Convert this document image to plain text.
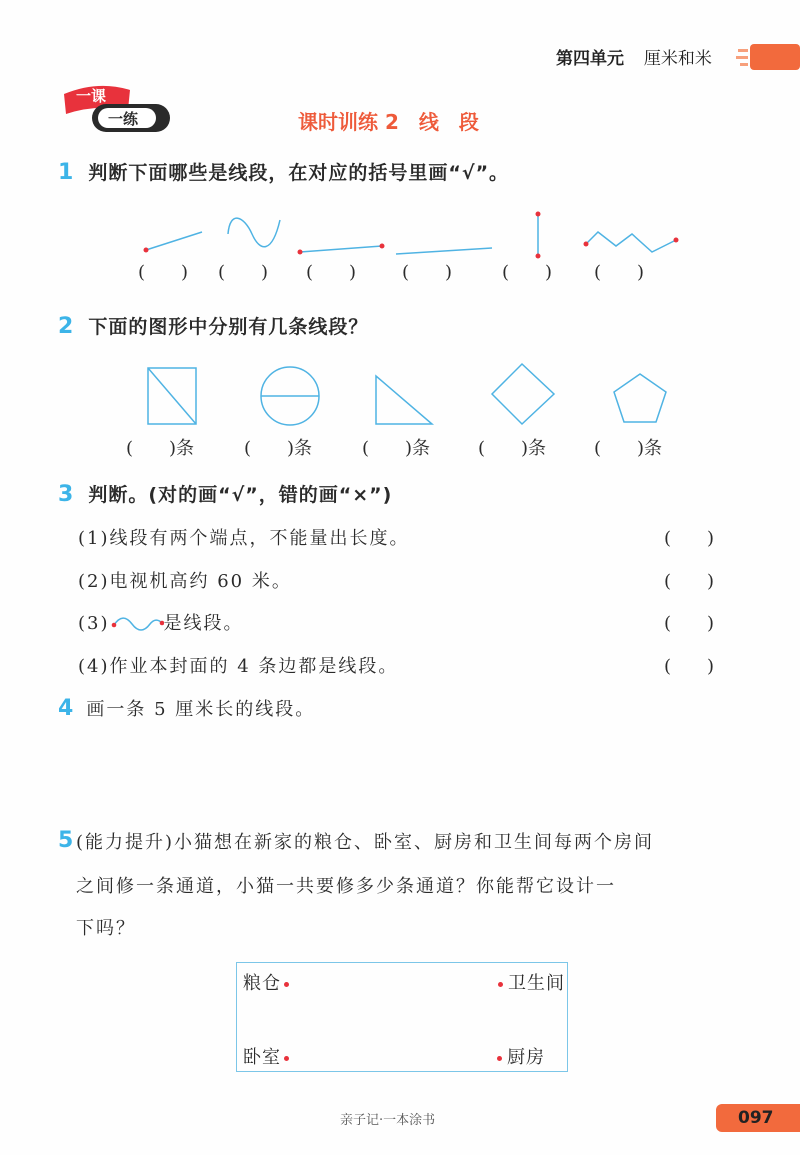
第四单元 厘米和米
一课
一练	课时训练 2　线　段
1 判断下面哪些是线段，在对应的括号里画“√”。
(　　) (　　) (　　)	(　　)	(　　) (　　)
2 下面的图形中分别有几条线段？
(　　)条	(　　)条	(　　)条	(　　)条	(　　)条
3 判断。(对的画“√”，错的画“×”)
(1)线段有两个端点，不能量出长度。	(　　)
(2)电视机高约 60 米。	(　　)
(3)	是线段。	(　　)
(4)作业本封面的 4 条边都是线段。	(　　)
4 画一条 5 厘米长的线段。
5 (能力提升)小猫想在新家的粮仓、卧室、厨房和卫生间每两个房间
之间修一条通道，小猫一共要修多少条通道？你能帮它设计一
下吗？
粮仓	卫生间
卧室	厨房
亲子记·一本涂书	097
